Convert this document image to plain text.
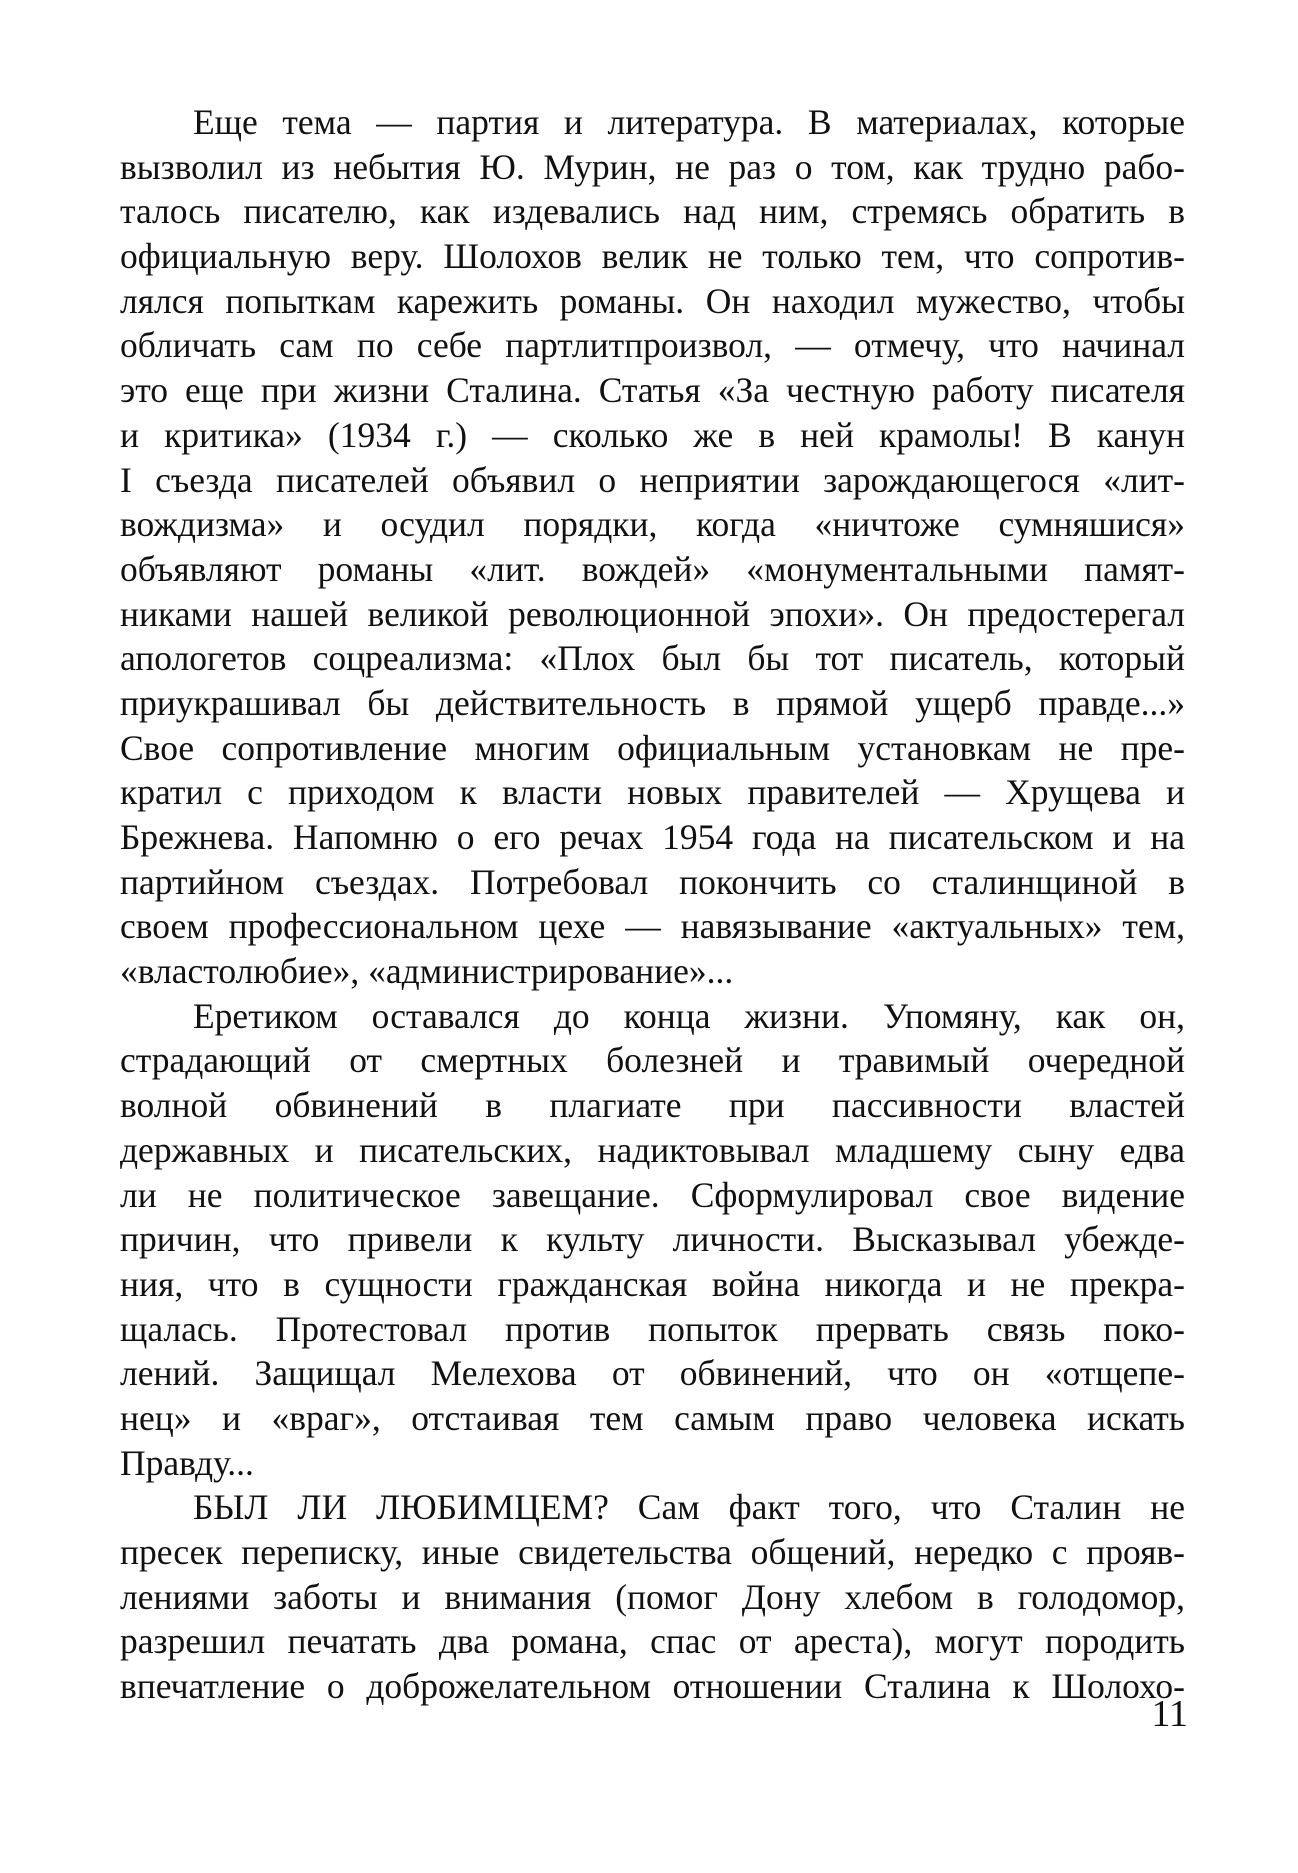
Еще тема — партия и литература. В материалах, которые
вызволил из небытия Ю. Мурин, не раз о том, как трудно рабо-
талось писателю, как издевались над ним, стремясь обратить в
официальную веру. Шолохов велик не только тем, что сопротив-
лялся попыткам карежить романы. Он находил мужество, чтобы
обличать сам по себе партлитпроизвол, — отмечу, что начинал
это еще при жизни Сталина. Статья «За честную работу писателя
и критика» (1934 г.) — сколько же в ней крамолы! В канун
I съезда писателей объявил о неприятии зарождающегося «лит-
вождизма» и осудил порядки, когда «ничтоже сумняшися»
объявляют романы «лит. вождей» «монументальными памят-
никами нашей великой революционной эпохи». Он предостерегал
апологетов соцреализма: «Плох был бы тот писатель, который
приукрашивал бы действительность в прямой ущерб правде...»
Свое сопротивление многим официальным установкам не пре-
кратил с приходом к власти новых правителей — Хрущева и
Брежнева. Напомню о его речах 1954 года на писательском и на
партийном съездах. Потребовал покончить со сталинщиной в
своем профессиональном цехе — навязывание «актуальных» тем,
«властолюбие», «администрирование»...
Еретиком оставался до конца жизни. Упомяну, как он,
страдающий от смертных болезней и травимый очередной
волной обвинений в плагиате при пассивности властей
державных и писательских, надиктовывал младшему сыну едва
ли не политическое завещание. Сформулировал свое видение
причин, что привели к культу личности. Высказывал убежде-
ния, что в сущности гражданская война никогда и не прекра-
щалась. Протестовал против попыток прервать связь поко-
лений. Защищал Мелехова от обвинений, что он «отщепе-
нец» и «враг», отстаивая тем самым право человека искать
Правду...
БЫЛ ЛИ ЛЮБИМЦЕМ? Сам факт того, что Сталин не
пресек переписку, иные свидетельства общений, нередко с прояв-
лениями заботы и внимания (помог Дону хлебом в голодомор,
разрешил печатать два романа, спас от ареста), могут породить
впечатление о доброжелательном отношении Сталина к Шолохо-
11
